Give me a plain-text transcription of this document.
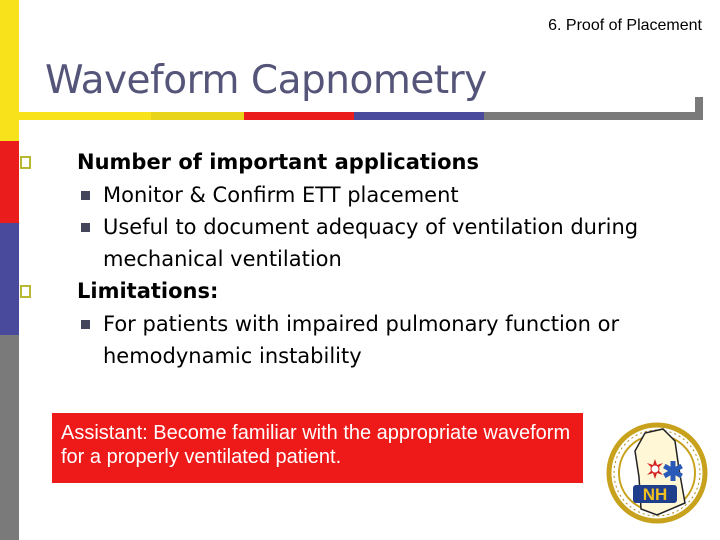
6. Proof of Placement
Waveform Capnometry
Number of important applications
Monitor & Confirm ETT placement
Useful to document adequacy of ventilation during mechanical ventilation
Limitations:
For patients with impaired pulmonary function or hemodynamic instability
Assistant: Become familiar with the appropriate waveform for a properly ventilated patient.
NH
